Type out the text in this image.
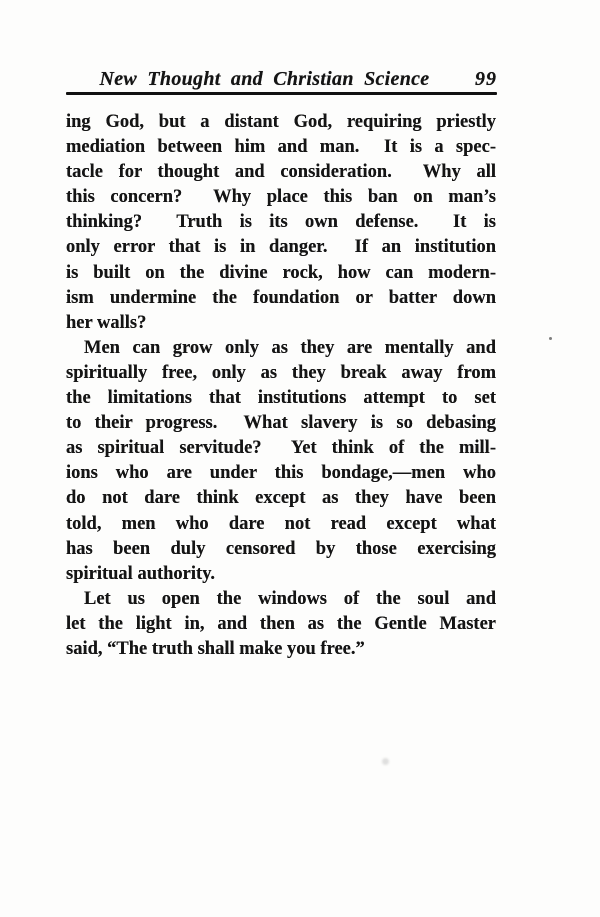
New Thought and Christian Science	99
ing God, but a distant God, requiring priestly
mediation between him and man.  It is a spec-
tacle for thought and consideration.  Why all
this concern?  Why place this ban on man’s
thinking?  Truth is its own defense.  It is
only error that is in danger.  If an institution
is built on the divine rock, how can modern-
ism undermine the foundation or batter down
her walls?
Men can grow only as they are mentally and
spiritually free, only as they break away from
the limitations that institutions attempt to set
to their progress.  What slavery is so debasing
as spiritual servitude?  Yet think of the mill-
ions who are under this bondage,—men who
do not dare think except as they have been
told, men who dare not read except what
has been duly censored by those exercising
spiritual authority.
Let us open the windows of the soul and
let the light in, and then as the Gentle Master
said, “The truth shall make you free.”
